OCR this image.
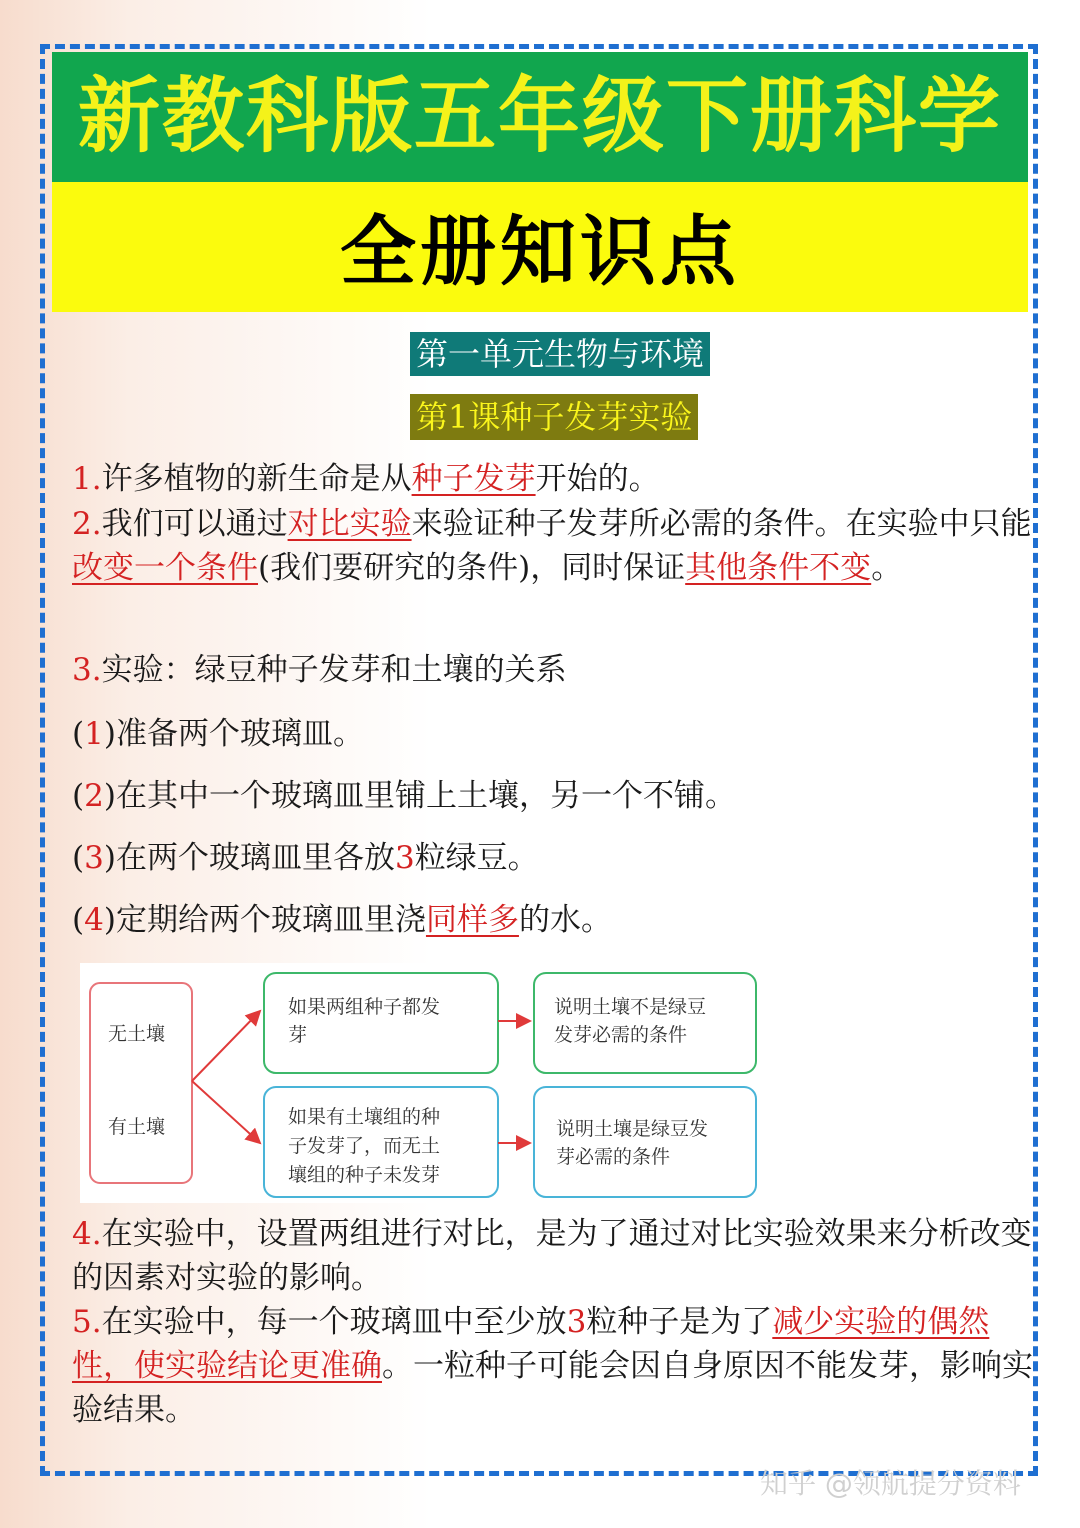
新教科版五年级下册科学
全册知识点
第一单元生物与环境
第1课种子发芽实验
1.许多植物的新生命是从种子发芽开始的。
2.我们可以通过对比实验来验证种子发芽所必需的条件。在实验中只能改变一个条件(我们要研究的条件)，同时保证其他条件不变。
3.实验：绿豆种子发芽和土壤的关系
(1)准备两个玻璃皿。
(2)在其中一个玻璃皿里铺上土壤，另一个不铺。
(3)在两个玻璃皿里各放3粒绿豆。
(4)定期给两个玻璃皿里浇同样多的水。
无土壤
有土壤
如果两组种子都发
芽
说明土壤不是绿豆
发芽必需的条件
如果有土壤组的种
子发芽了，而无土
壤组的种子未发芽
说明土壤是绿豆发
芽必需的条件
4.在实验中，设置两组进行对比，是为了通过对比实验效果来分析改变的因素对实验的影响。
5.在实验中，每一个玻璃皿中至少放3粒种子是为了减少实验的偶然性，使实验结论更准确。一粒种子可能会因自身原因不能发芽，影响实验结果。
知乎 @领航提分资料
